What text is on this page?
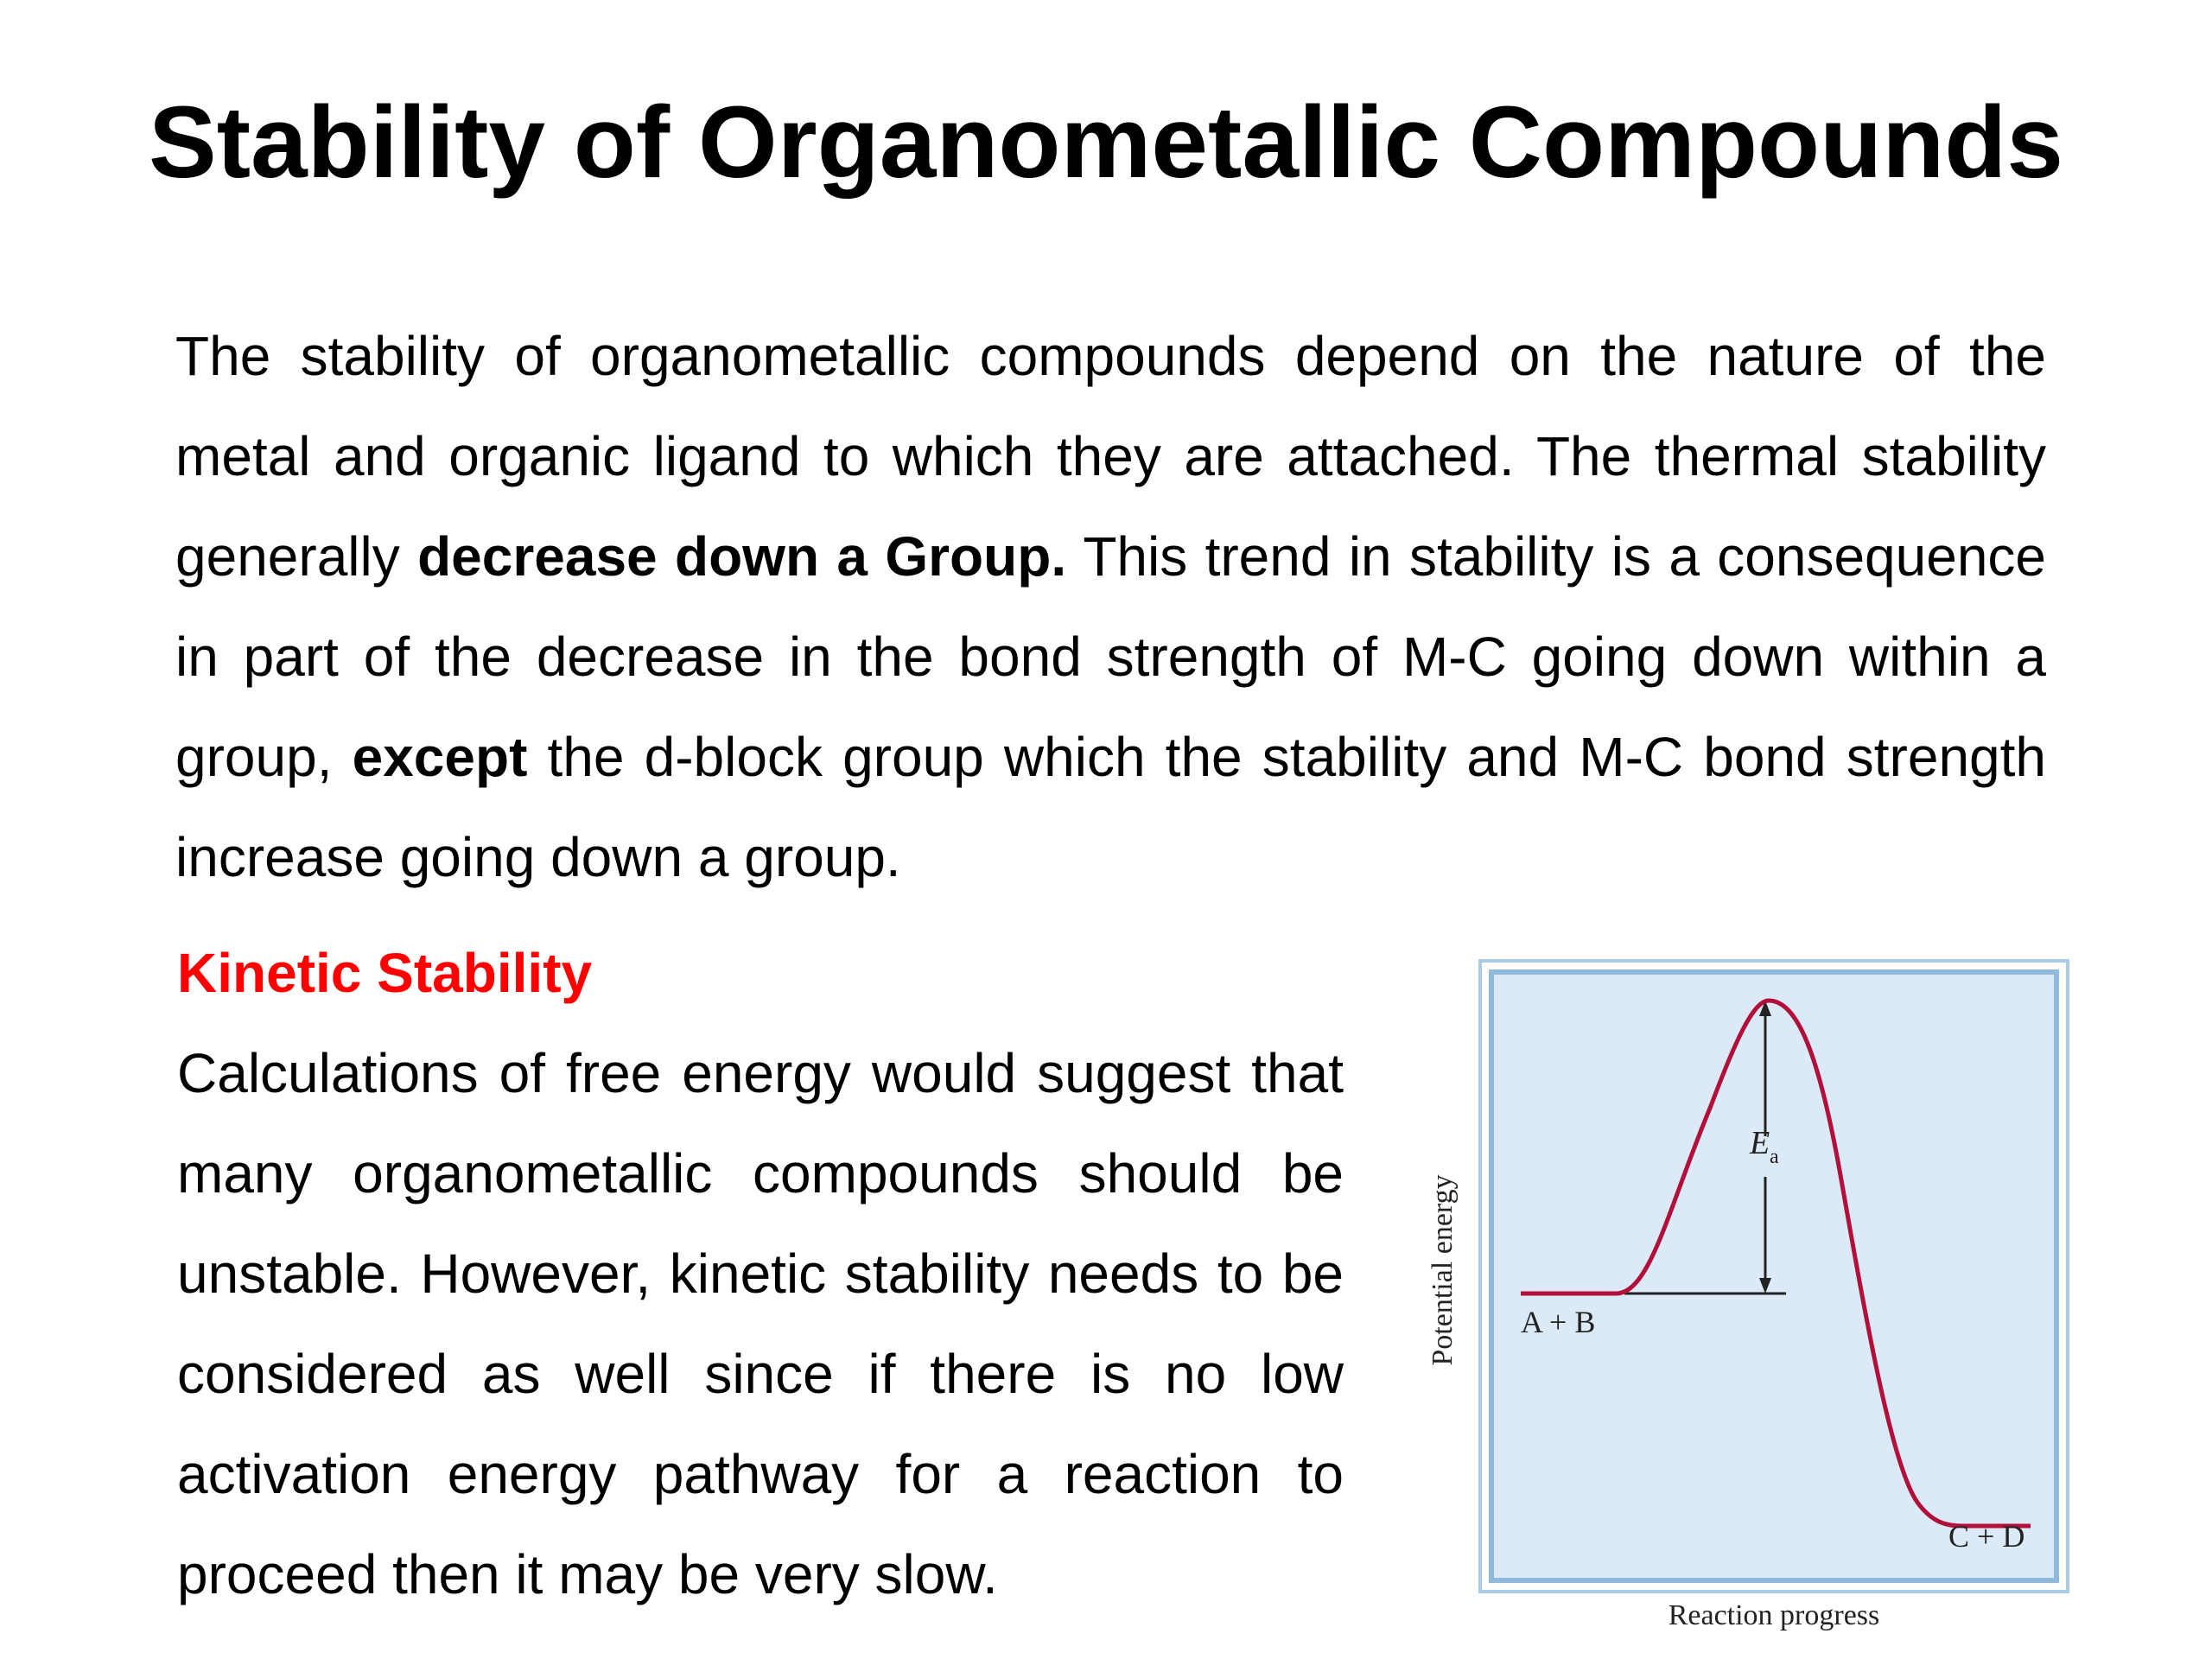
Stability of Organometallic Compounds
The stability of organometallic compounds depend on the nature of the metal and organic ligand to which they are attached. The thermal stability generally decrease down a Group. This trend in stability is a consequence in part of the decrease in the bond strength of M-C going down within a group, except the d-block group which the stability and M-C bond strength increase going down a group.
Kinetic Stability
Calculations of free energy would suggest that many organometallic compounds should be unstable. However, kinetic stability needs to be considered as well since if there is no low activation energy pathway for a reaction to proceed then it may be very slow.
A + B
C + D
E a
Potential energy
Reaction progress
